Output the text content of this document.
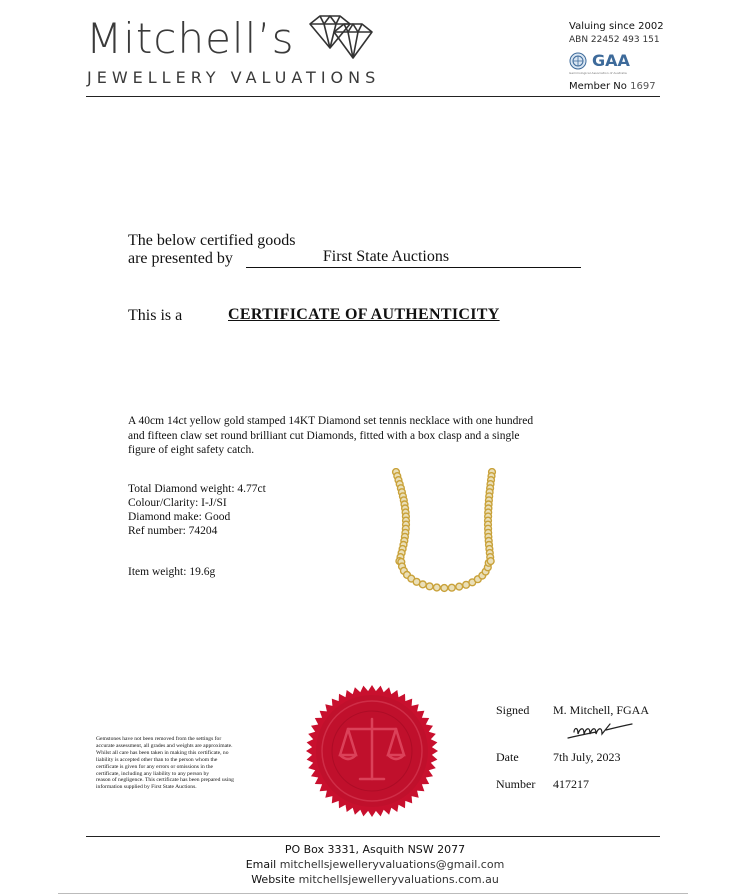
Mitchell’s
JEWELLERY VALUATIONS
Valuing since 2002
ABN 22452 493 151
GAA
Gemmological Association of Australia
Member No 1697
The below certified goods
are presented by	First State Auctions
This is a	CERTIFICATE OF AUTHENTICITY
A 40cm 14ct yellow gold stamped 14KT Diamond set tennis necklace with one hundred
and fifteen claw set round brilliant cut Diamonds, fitted with a box clasp and a single
figure of eight safety catch.
Total Diamond weight: 4.77ct
Colour/Clarity: I-J/SI
Diamond make: Good
Ref number: 74204
Item weight: 19.6g
Gemstones have not been removed from the settings for
accurate assessment, all grades and weights are approximate.
Whilst all care has been taken in making this certificate, no
liability is accepted other than to the person whom the
certificate is given for any errors or omissions in the
certificate, including any liability to any person by
reason of negligence. This certificate has been prepared using
information supplied by First State Auctions.
Signed M. Mitchell, FGAA
Date	7th July, 2023
Number 417217
PO Box 3331, Asquith NSW 2077
Email mitchellsjewelleryvaluations@gmail.com
Website mitchellsjewelleryvaluations.com.au
